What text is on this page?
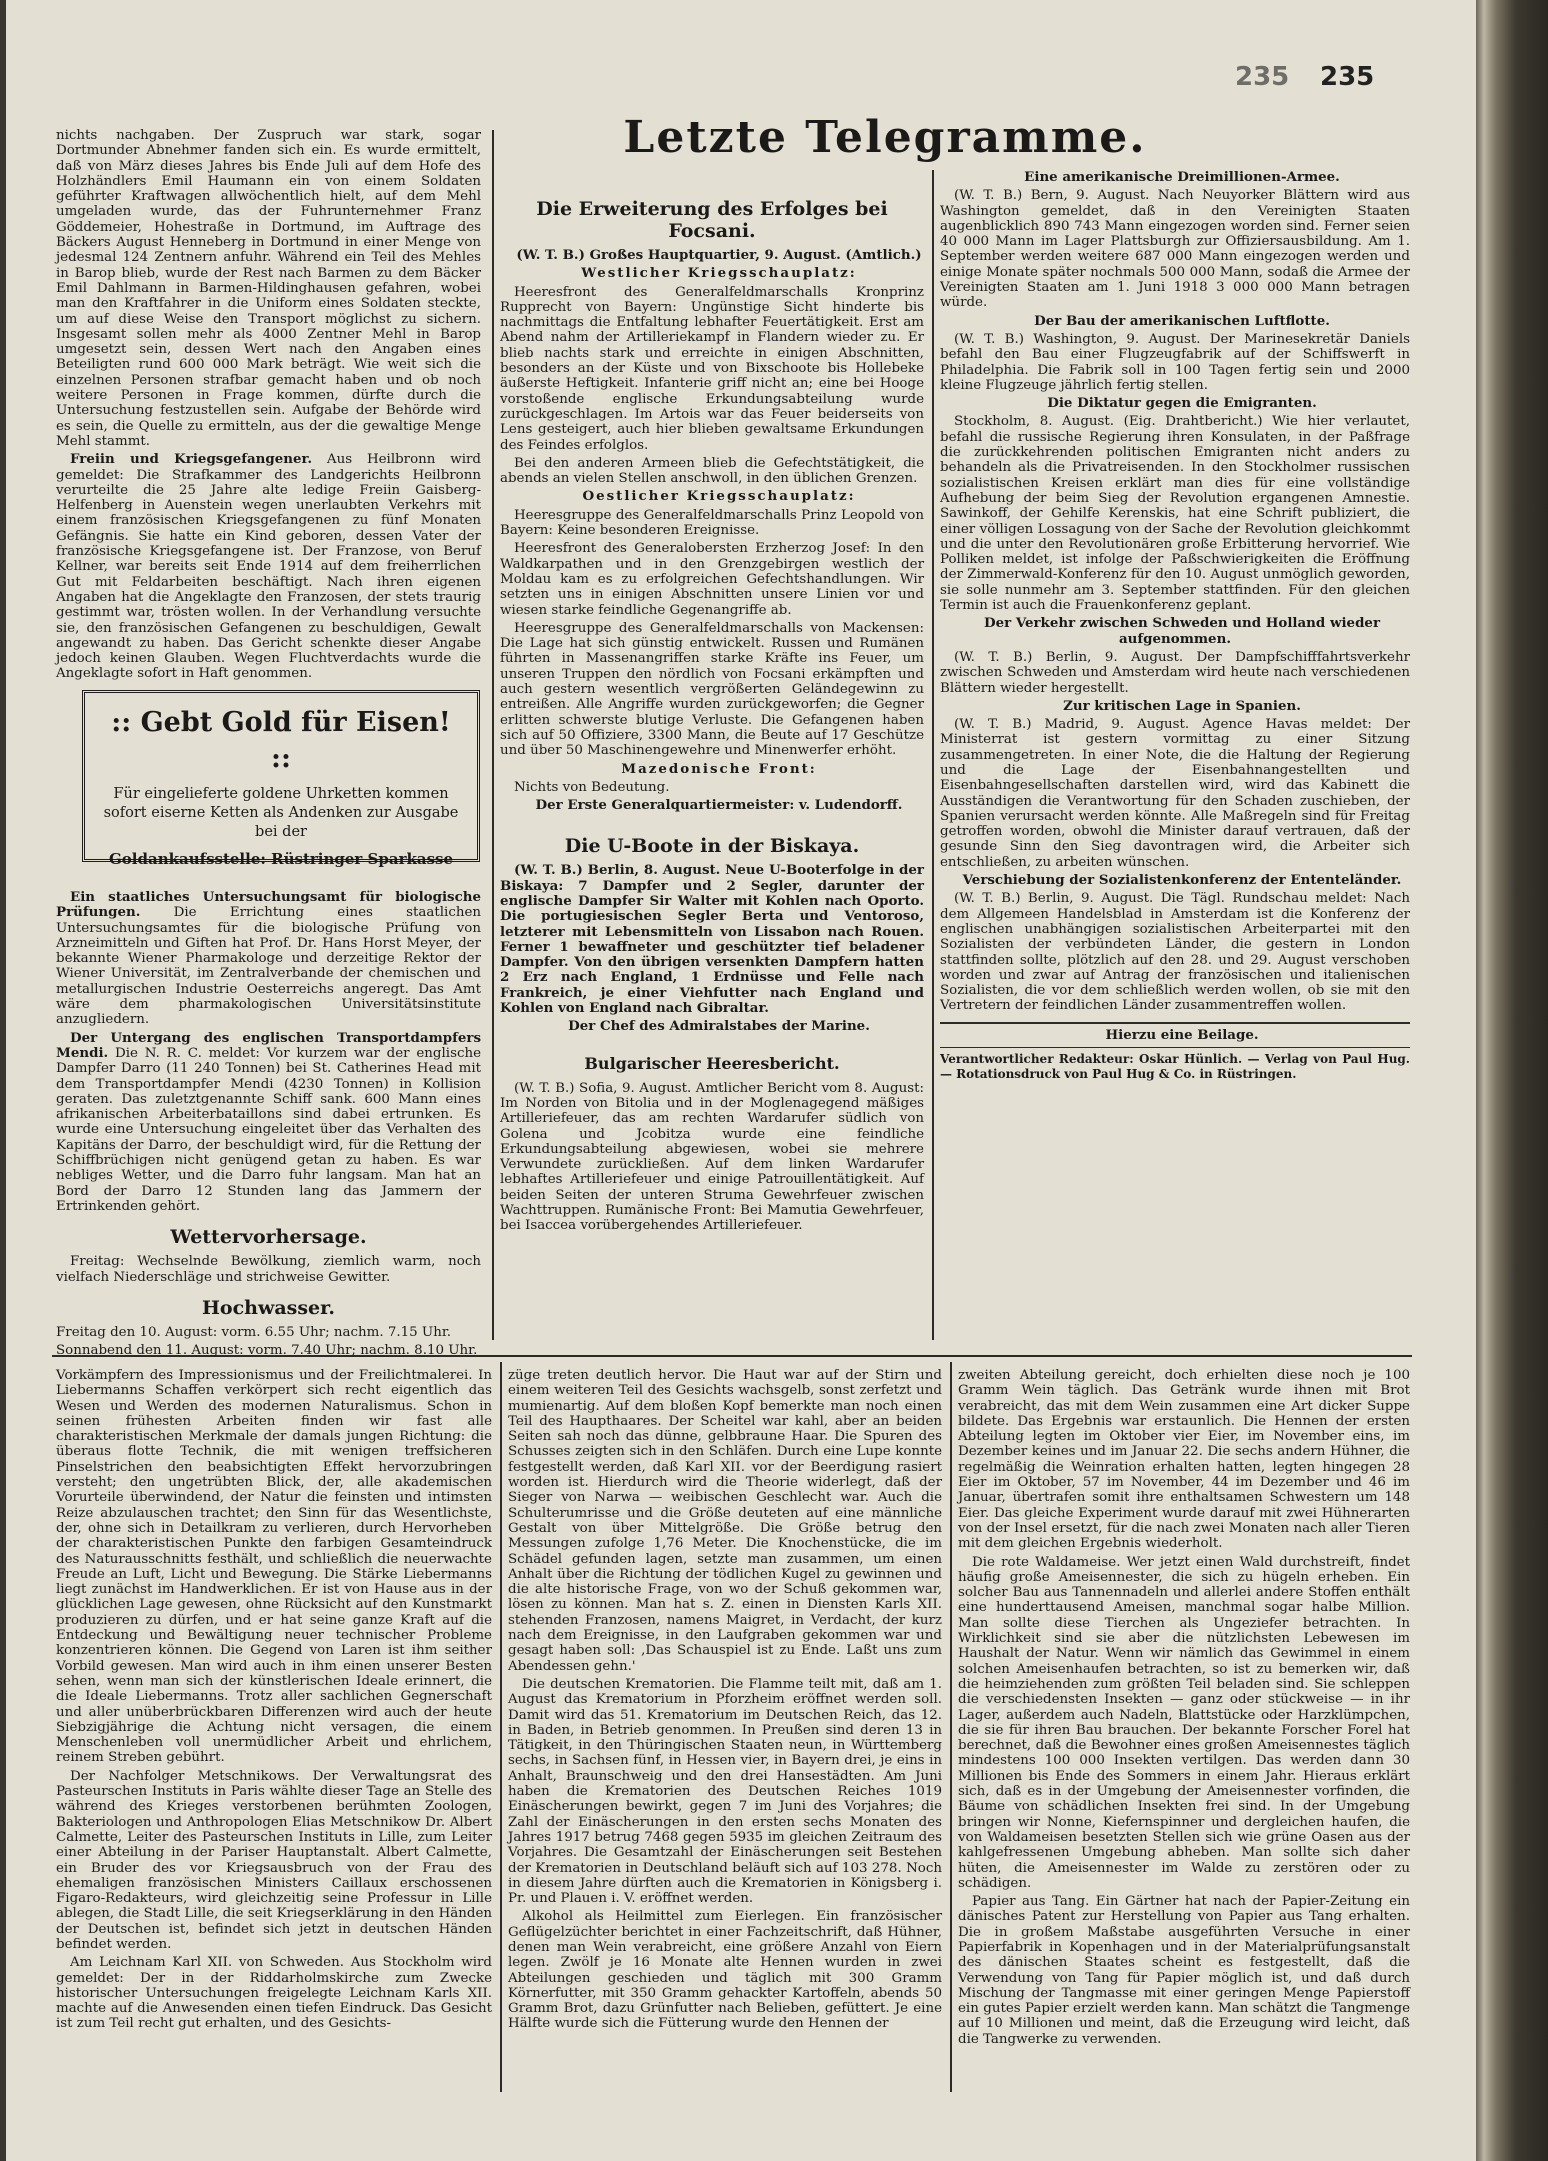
235 235
Letzte Telegramme.

nichts nachgaben. Der Zuspruch war stark, sogar Dortmunder Abnehmer fanden sich ein. Es wurde ermittelt, daß von März dieses Jahres bis Ende Juli auf dem Hofe des Holzhändlers Emil Haumann ein von einem Soldaten geführter Kraftwagen allwöchentlich hielt, auf dem Mehl umgeladen wurde, das der Fuhrunternehmer Franz Göddemeier, Hohestraße in Dortmund, im Auftrage des Bäckers August Henneberg in Dortmund in einer Menge von jedesmal 124 Zentnern anfuhr. Während ein Teil des Mehles in Barop blieb, wurde der Rest nach Barmen zu dem Bäcker Emil Dahlmann in Barmen-Hildinghausen gefahren, wobei man den Kraftfahrer in die Uniform eines Soldaten steckte, um auf diese Weise den Transport möglichst zu sichern. Insgesamt sollen mehr als 4000 Zentner Mehl in Barop umgesetzt sein, dessen Wert nach den Angaben eines Beteiligten rund 600 000 Mark beträgt. Wie weit sich die einzelnen Personen strafbar gemacht haben und ob noch weitere Personen in Frage kommen, dürfte durch die Untersuchung festzustellen sein. Aufgabe der Behörde wird es sein, die Quelle zu ermitteln, aus der die gewaltige Menge Mehl stammt.

Freiin und Kriegsgefangener. Aus Heilbronn wird gemeldet: Die Strafkammer des Landgerichts Heilbronn verurteilte die 25 Jahre alte ledige Freiin Gaisberg-Helfenberg in Auenstein wegen unerlaubten Verkehrs mit einem französischen Kriegsgefangenen zu fünf Monaten Gefängnis. Sie hatte ein Kind geboren, dessen Vater der französische Kriegsgefangene ist. Der Franzose, von Beruf Kellner, war bereits seit Ende 1914 auf dem freiherrlichen Gut mit Feldarbeiten beschäftigt. Nach ihren eigenen Angaben hat die Angeklagte den Franzosen, der stets traurig gestimmt war, trösten wollen. In der Verhandlung versuchte sie, den französischen Gefangenen zu beschuldigen, Gewalt angewandt zu haben. Das Gericht schenkte dieser Angabe jedoch keinen Glauben. Wegen Fluchtverdachts wurde die Angeklagte sofort in Haft genommen.

:: Gebt Gold für Eisen! ::
Für eingelieferte goldene Uhrketten kommen sofort eiserne Ketten als Andenken zur Ausgabe bei der
Goldankaufsstelle: Rüstringer Sparkasse

Ein staatliches Untersuchungsamt für biologische Prüfungen. Die Errichtung eines staatlichen Untersuchungsamtes für die biologische Prüfung von Arzneimitteln und Giften hat Prof. Dr. Hans Horst Meyer, der bekannte Wiener Pharmakologe und derzeitige Rektor der Wiener Universität, im Zentralverbande der chemischen und metallurgischen Industrie Oesterreichs angeregt. Das Amt wäre dem pharmakologischen Universitätsinstitute anzugliedern.

Der Untergang des englischen Transportdampfers Mendi. Die N. R. C. meldet: Vor kurzem war der englische Dampfer Darro (11 240 Tonnen) bei St. Catherines Head mit dem Transportdampfer Mendi (4230 Tonnen) in Kollision geraten. Das zuletztgenannte Schiff sank. 600 Mann eines afrikanischen Arbeiterbataillons sind dabei ertrunken. Es wurde eine Untersuchung eingeleitet über das Verhalten des Kapitäns der Darro, der beschuldigt wird, für die Rettung der Schiffbrüchigen nicht genügend getan zu haben. Es war nebliges Wetter, und die Darro fuhr langsam. Man hat an Bord der Darro 12 Stunden lang das Jammern der Ertrinkenden gehört.

Wettervorhersage.

Freitag: Wechselnde Bewölkung, ziemlich warm, noch vielfach Niederschläge und strichweise Gewitter.

Hochwasser.

Freitag den 10. August: vorm. 6.55 Uhr; nachm. 7.15 Uhr.

Sonnabend den 11. August: vorm. 7.40 Uhr; nachm. 8.10 Uhr.

Die Erweiterung des Erfolges bei Focsani.

(W. T. B.) Großes Hauptquartier, 9. August. (Amtlich.)

Westlicher Kriegsschauplatz:

Heeresfront des Generalfeldmarschalls Kronprinz Rupprecht von Bayern: Ungünstige Sicht hinderte bis nachmittags die Entfaltung lebhafter Feuertätigkeit. Erst am Abend nahm der Artilleriekampf in Flandern wieder zu. Er blieb nachts stark und erreichte in einigen Abschnitten, besonders an der Küste und von Bixschoote bis Hollebeke äußerste Heftigkeit. Infanterie griff nicht an; eine bei Hooge vorstoßende englische Erkundungsabteilung wurde zurückgeschlagen. Im Artois war das Feuer beiderseits von Lens gesteigert, auch hier blieben gewaltsame Erkundungen des Feindes erfolglos.

Bei den anderen Armeen blieb die Gefechtstätigkeit, die abends an vielen Stellen anschwoll, in den üblichen Grenzen.

Oestlicher Kriegsschauplatz:

Heeresgruppe des Generalfeldmarschalls Prinz Leopold von Bayern: Keine besonderen Ereignisse.

Heeresfront des Generalobersten Erzherzog Josef: In den Waldkarpathen und in den Grenzgebirgen westlich der Moldau kam es zu erfolgreichen Gefechtshandlungen. Wir setzten uns in einigen Abschnitten unsere Linien vor und wiesen starke feindliche Gegenangriffe ab.

Heeresgruppe des Generalfeldmarschalls von Mackensen: Die Lage hat sich günstig entwickelt. Russen und Rumänen führten in Massenangriffen starke Kräfte ins Feuer, um unseren Truppen den nördlich von Focsani erkämpften und auch gestern wesentlich vergrößerten Geländegewinn zu entreißen. Alle Angriffe wurden zurückgeworfen; die Gegner erlitten schwerste blutige Verluste. Die Gefangenen haben sich auf 50 Offiziere, 3300 Mann, die Beute auf 17 Geschütze und über 50 Maschinengewehre und Minenwerfer erhöht.

Mazedonische Front:

Nichts von Bedeutung.

Der Erste Generalquartiermeister: v. Ludendorff.

Die U-Boote in der Biskaya.

(W. T. B.) Berlin, 8. August. Neue U-Booterfolge in der Biskaya: 7 Dampfer und 2 Segler, darunter der englische Dampfer Sir Walter mit Kohlen nach Oporto. Die portugiesischen Segler Berta und Ventoroso, letzterer mit Lebensmitteln von Lissabon nach Rouen. Ferner 1 bewaffneter und geschützter tief beladener Dampfer. Von den übrigen versenkten Dampfern hatten 2 Erz nach England, 1 Erdnüsse und Felle nach Frankreich, je einer Viehfutter nach England und Kohlen von England nach Gibraltar.

Der Chef des Admiralstabes der Marine.

Bulgarischer Heeresbericht.

(W. T. B.) Sofia, 9. August. Amtlicher Bericht vom 8. August: Im Norden von Bitolia und in der Moglenagegend mäßiges Artilleriefeuer, das am rechten Wardarufer südlich von Golena und Jcobitza wurde eine feindliche Erkundungsabteilung abgewiesen, wobei sie mehrere Verwundete zurückließen. Auf dem linken Wardarufer lebhaftes Artilleriefeuer und einige Patrouillentätigkeit. Auf beiden Seiten der unteren Struma Gewehrfeuer zwischen Wachttruppen. Rumänische Front: Bei Mamutia Gewehrfeuer, bei Isaccea vorübergehendes Artilleriefeuer.

Eine amerikanische Dreimillionen-Armee.

(W. T. B.) Bern, 9. August. Nach Neuyorker Blättern wird aus Washington gemeldet, daß in den Vereinigten Staaten augenblicklich 890 743 Mann eingezogen worden sind. Ferner seien 40 000 Mann im Lager Plattsburgh zur Offiziersausbildung. Am 1. September werden weitere 687 000 Mann eingezogen werden und einige Monate später nochmals 500 000 Mann, sodaß die Armee der Vereinigten Staaten am 1. Juni 1918 3 000 000 Mann betragen würde.

Der Bau der amerikanischen Luftflotte.

(W. T. B.) Washington, 9. August. Der Marinesekretär Daniels befahl den Bau einer Flugzeugfabrik auf der Schiffswerft in Philadelphia. Die Fabrik soll in 100 Tagen fertig sein und 2000 kleine Flugzeuge jährlich fertig stellen.

Die Diktatur gegen die Emigranten.

Stockholm, 8. August. (Eig. Drahtbericht.) Wie hier verlautet, befahl die russische Regierung ihren Konsulaten, in der Paßfrage die zurückkehrenden politischen Emigranten nicht anders zu behandeln als die Privatreisenden. In den Stockholmer russischen sozialistischen Kreisen erklärt man dies für eine vollständige Aufhebung der beim Sieg der Revolution ergangenen Amnestie. Sawinkoff, der Gehilfe Kerenskis, hat eine Schrift publiziert, die einer völligen Lossagung von der Sache der Revolution gleichkommt und die unter den Revolutionären große Erbitterung hervorrief. Wie Polliken meldet, ist infolge der Paßschwierigkeiten die Eröffnung der Zimmerwald-Konferenz für den 10. August unmöglich geworden, sie solle nunmehr am 3. September stattfinden. Für den gleichen Termin ist auch die Frauenkonferenz geplant.

Der Verkehr zwischen Schweden und Holland wieder aufgenommen.

(W. T. B.) Berlin, 9. August. Der Dampfschifffahrtsverkehr zwischen Schweden und Amsterdam wird heute nach verschiedenen Blättern wieder hergestellt.

Zur kritischen Lage in Spanien.

(W. T. B.) Madrid, 9. August. Agence Havas meldet: Der Ministerrat ist gestern vormittag zu einer Sitzung zusammengetreten. In einer Note, die die Haltung der Regierung und die Lage der Eisenbahnangestellten und Eisenbahngesellschaften darstellen wird, wird das Kabinett die Ausständigen die Verantwortung für den Schaden zuschieben, der Spanien verursacht werden könnte. Alle Maßregeln sind für Freitag getroffen worden, obwohl die Minister darauf vertrauen, daß der gesunde Sinn den Sieg davontragen wird, die Arbeiter sich entschließen, zu arbeiten wünschen.

Verschiebung der Sozialistenkonferenz der Ententeländer.

(W. T. B.) Berlin, 9. August. Die Tägl. Rundschau meldet: Nach dem Allgemeen Handelsblad in Amsterdam ist die Konferenz der englischen unabhängigen sozialistischen Arbeiterpartei mit den Sozialisten der verbündeten Länder, die gestern in London stattfinden sollte, plötzlich auf den 28. und 29. August verschoben worden und zwar auf Antrag der französischen und italienischen Sozialisten, die vor dem schließlich werden wollen, ob sie mit den Vertretern der feindlichen Länder zusammentreffen wollen.

Hierzu eine Beilage.

Verantwortlicher Redakteur: Oskar Hünlich. — Verlag von Paul Hug. — Rotationsdruck von Paul Hug & Co. in Rüstringen.

Vorkämpfern des Impressionismus und der Freilichtmalerei. In Liebermanns Schaffen verkörpert sich recht eigentlich das Wesen und Werden des modernen Naturalismus. Schon in seinen frühesten Arbeiten finden wir fast alle charakteristischen Merkmale der damals jungen Richtung: die überaus flotte Technik, die mit wenigen treffsicheren Pinselstrichen den beabsichtigten Effekt hervorzubringen versteht; den ungetrübten Blick, der, alle akademischen Vorurteile überwindend, der Natur die feinsten und intimsten Reize abzulauschen trachtet; den Sinn für das Wesentlichste, der, ohne sich in Detailkram zu verlieren, durch Hervorheben der charakteristischen Punkte den farbigen Gesamteindruck des Naturausschnitts festhält, und schließlich die neuerwachte Freude an Luft, Licht und Bewegung. Die Stärke Liebermanns liegt zunächst im Handwerklichen. Er ist von Hause aus in der glücklichen Lage gewesen, ohne Rücksicht auf den Kunstmarkt produzieren zu dürfen, und er hat seine ganze Kraft auf die Entdeckung und Bewältigung neuer technischer Probleme konzentrieren können. Die Gegend von Laren ist ihm seither Vorbild gewesen. Man wird auch in ihm einen unserer Besten sehen, wenn man sich der künstlerischen Ideale erinnert, die die Ideale Liebermanns. Trotz aller sachlichen Gegnerschaft und aller unüberbrückbaren Differenzen wird auch der heute Siebzigjährige die Achtung nicht versagen, die einem Menschenleben voll unermüdlicher Arbeit und ehrlichem, reinem Streben gebührt.

Der Nachfolger Metschnikows. Der Verwaltungsrat des Pasteurschen Instituts in Paris wählte dieser Tage an Stelle des während des Krieges verstorbenen berühmten Zoologen, Bakteriologen und Anthropologen Elias Metschnikow Dr. Albert Calmette, Leiter des Pasteurschen Instituts in Lille, zum Leiter einer Abteilung in der Pariser Hauptanstalt. Albert Calmette, ein Bruder des vor Kriegsausbruch von der Frau des ehemaligen französischen Ministers Caillaux erschossenen Figaro-Redakteurs, wird gleichzeitig seine Professur in Lille ablegen, die Stadt Lille, die seit Kriegserklärung in den Händen der Deutschen ist, befindet sich jetzt in deutschen Händen befindet werden.

Am Leichnam Karl XII. von Schweden. Aus Stockholm wird gemeldet: Der in der Riddarholmskirche zum Zwecke historischer Untersuchungen freigelegte Leichnam Karls XII. machte auf die Anwesenden einen tiefen Eindruck. Das Gesicht ist zum Teil recht gut erhalten, und des Gesichts-

züge treten deutlich hervor. Die Haut war auf der Stirn und einem weiteren Teil des Gesichts wachsgelb, sonst zerfetzt und mumienartig. Auf dem bloßen Kopf bemerkte man noch einen Teil des Haupthaares. Der Scheitel war kahl, aber an beiden Seiten sah noch das dünne, gelbbraune Haar. Die Spuren des Schusses zeigten sich in den Schläfen. Durch eine Lupe konnte festgestellt werden, daß Karl XII. vor der Beerdigung rasiert worden ist. Hierdurch wird die Theorie widerlegt, daß der Sieger von Narwa — weibischen Geschlecht war. Auch die Schulterumrisse und die Größe deuteten auf eine männliche Gestalt von über Mittelgröße. Die Größe betrug den Messungen zufolge 1,76 Meter. Die Knochenstücke, die im Schädel gefunden lagen, setzte man zusammen, um einen Anhalt über die Richtung der tödlichen Kugel zu gewinnen und die alte historische Frage, von wo der Schuß gekommen war, lösen zu können. Man hat s. Z. einen in Diensten Karls XII. stehenden Franzosen, namens Maigret, in Verdacht, der kurz nach dem Ereignisse, in den Laufgraben gekommen war und gesagt haben soll: ,Das Schauspiel ist zu Ende. Laßt uns zum Abendessen gehn.'

Die deutschen Krematorien. Die Flamme teilt mit, daß am 1. August das Krematorium in Pforzheim eröffnet werden soll. Damit wird das 51. Krematorium im Deutschen Reich, das 12. in Baden, in Betrieb genommen. In Preußen sind deren 13 in Tätigkeit, in den Thüringischen Staaten neun, in Württemberg sechs, in Sachsen fünf, in Hessen vier, in Bayern drei, je eins in Anhalt, Braunschweig und den drei Hansestädten. Am Juni haben die Krematorien des Deutschen Reiches 1019 Einäscherungen bewirkt, gegen 7 im Juni des Vorjahres; die Zahl der Einäscherungen in den ersten sechs Monaten des Jahres 1917 betrug 7468 gegen 5935 im gleichen Zeitraum des Vorjahres. Die Gesamtzahl der Einäscherungen seit Bestehen der Krematorien in Deutschland beläuft sich auf 103 278. Noch in diesem Jahre dürften auch die Krematorien in Königsberg i. Pr. und Plauen i. V. eröffnet werden.

Alkohol als Heilmittel zum Eierlegen. Ein französischer Geflügelzüchter berichtet in einer Fachzeitschrift, daß Hühner, denen man Wein verabreicht, eine größere Anzahl von Eiern legen. Zwölf je 16 Monate alte Hennen wurden in zwei Abteilungen geschieden und täglich mit 300 Gramm Körnerfutter, mit 350 Gramm gehackter Kartoffeln, abends 50 Gramm Brot, dazu Grünfutter nach Belieben, gefüttert. Je eine Hälfte wurde sich die Fütterung wurde den Hennen der

zweiten Abteilung gereicht, doch erhielten diese noch je 100 Gramm Wein täglich. Das Getränk wurde ihnen mit Brot verabreicht, das mit dem Wein zusammen eine Art dicker Suppe bildete. Das Ergebnis war erstaunlich. Die Hennen der ersten Abteilung legten im Oktober vier Eier, im November eins, im Dezember keines und im Januar 22. Die sechs andern Hühner, die regelmäßig die Weinration erhalten hatten, legten hingegen 28 Eier im Oktober, 57 im November, 44 im Dezember und 46 im Januar, übertrafen somit ihre enthaltsamen Schwestern um 148 Eier. Das gleiche Experiment wurde darauf mit zwei Hühnerarten von der Insel ersetzt, für die nach zwei Monaten nach aller Tieren mit dem gleichen Ergebnis wiederholt.

Die rote Waldameise. Wer jetzt einen Wald durchstreift, findet häufig große Ameisennester, die sich zu hügeln erheben. Ein solcher Bau aus Tannennadeln und allerlei andere Stoffen enthält eine hunderttausend Ameisen, manchmal sogar halbe Million. Man sollte diese Tierchen als Ungeziefer betrachten. In Wirklichkeit sind sie aber die nützlichsten Lebewesen im Haushalt der Natur. Wenn wir nämlich das Gewimmel in einem solchen Ameisenhaufen betrachten, so ist zu bemerken wir, daß die heimziehenden zum größten Teil beladen sind. Sie schleppen die verschiedensten Insekten — ganz oder stückweise — in ihr Lager, außerdem auch Nadeln, Blattstücke oder Harzklümpchen, die sie für ihren Bau brauchen. Der bekannte Forscher Forel hat berechnet, daß die Bewohner eines großen Ameisennestes täglich mindestens 100 000 Insekten vertilgen. Das werden dann 30 Millionen bis Ende des Sommers in einem Jahr. Hieraus erklärt sich, daß es in der Umgebung der Ameisennester vorfinden, die Bäume von schädlichen Insekten frei sind. In der Umgebung bringen wir Nonne, Kiefernspinner und dergleichen haufen, die von Waldameisen besetzten Stellen sich wie grüne Oasen aus der kahlgefressenen Umgebung abheben. Man sollte sich daher hüten, die Ameisennester im Walde zu zerstören oder zu schädigen.

Papier aus Tang. Ein Gärtner hat nach der Papier-Zeitung ein dänisches Patent zur Herstellung von Papier aus Tang erhalten. Die in großem Maßstabe ausgeführten Versuche in einer Papierfabrik in Kopenhagen und in der Materialprüfungsanstalt des dänischen Staates scheint es festgestellt, daß die Verwendung von Tang für Papier möglich ist, und daß durch Mischung der Tangmasse mit einer geringen Menge Papierstoff ein gutes Papier erzielt werden kann. Man schätzt die Tangmenge auf 10 Millionen und meint, daß die Erzeugung wird leicht, daß die Tangwerke zu verwenden.
